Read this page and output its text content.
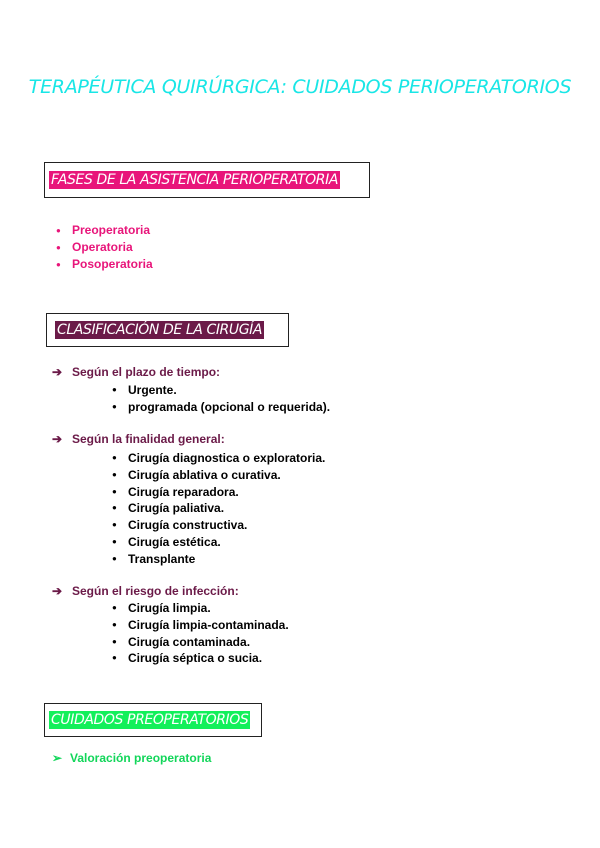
TERAPÉUTICA QUIRÚRGICA: CUIDADOS PERIOPERATORIOS
FASES DE LA ASISTENCIA PERIOPERATORIA
● Preoperatoria
● Operatoria
● Posoperatoria
CLASIFICACIÓN DE LA CIRUGÍA
➔ Según el plazo de tiempo:
● Urgente.
● programada (opcional o requerida).
➔ Según la finalidad general:
● Cirugía diagnostica o exploratoria.
● Cirugía ablativa o curativa.
● Cirugía reparadora.
● Cirugía paliativa.
● Cirugía constructiva.
● Cirugía estética.
● Transplante
➔ Según el riesgo de infección:
● Cirugía limpia.
● Cirugía limpia-contaminada.
● Cirugía contaminada.
● Cirugía séptica o sucia.
CUIDADOS PREOPERATORIOS
➢ Valoración preoperatoria
